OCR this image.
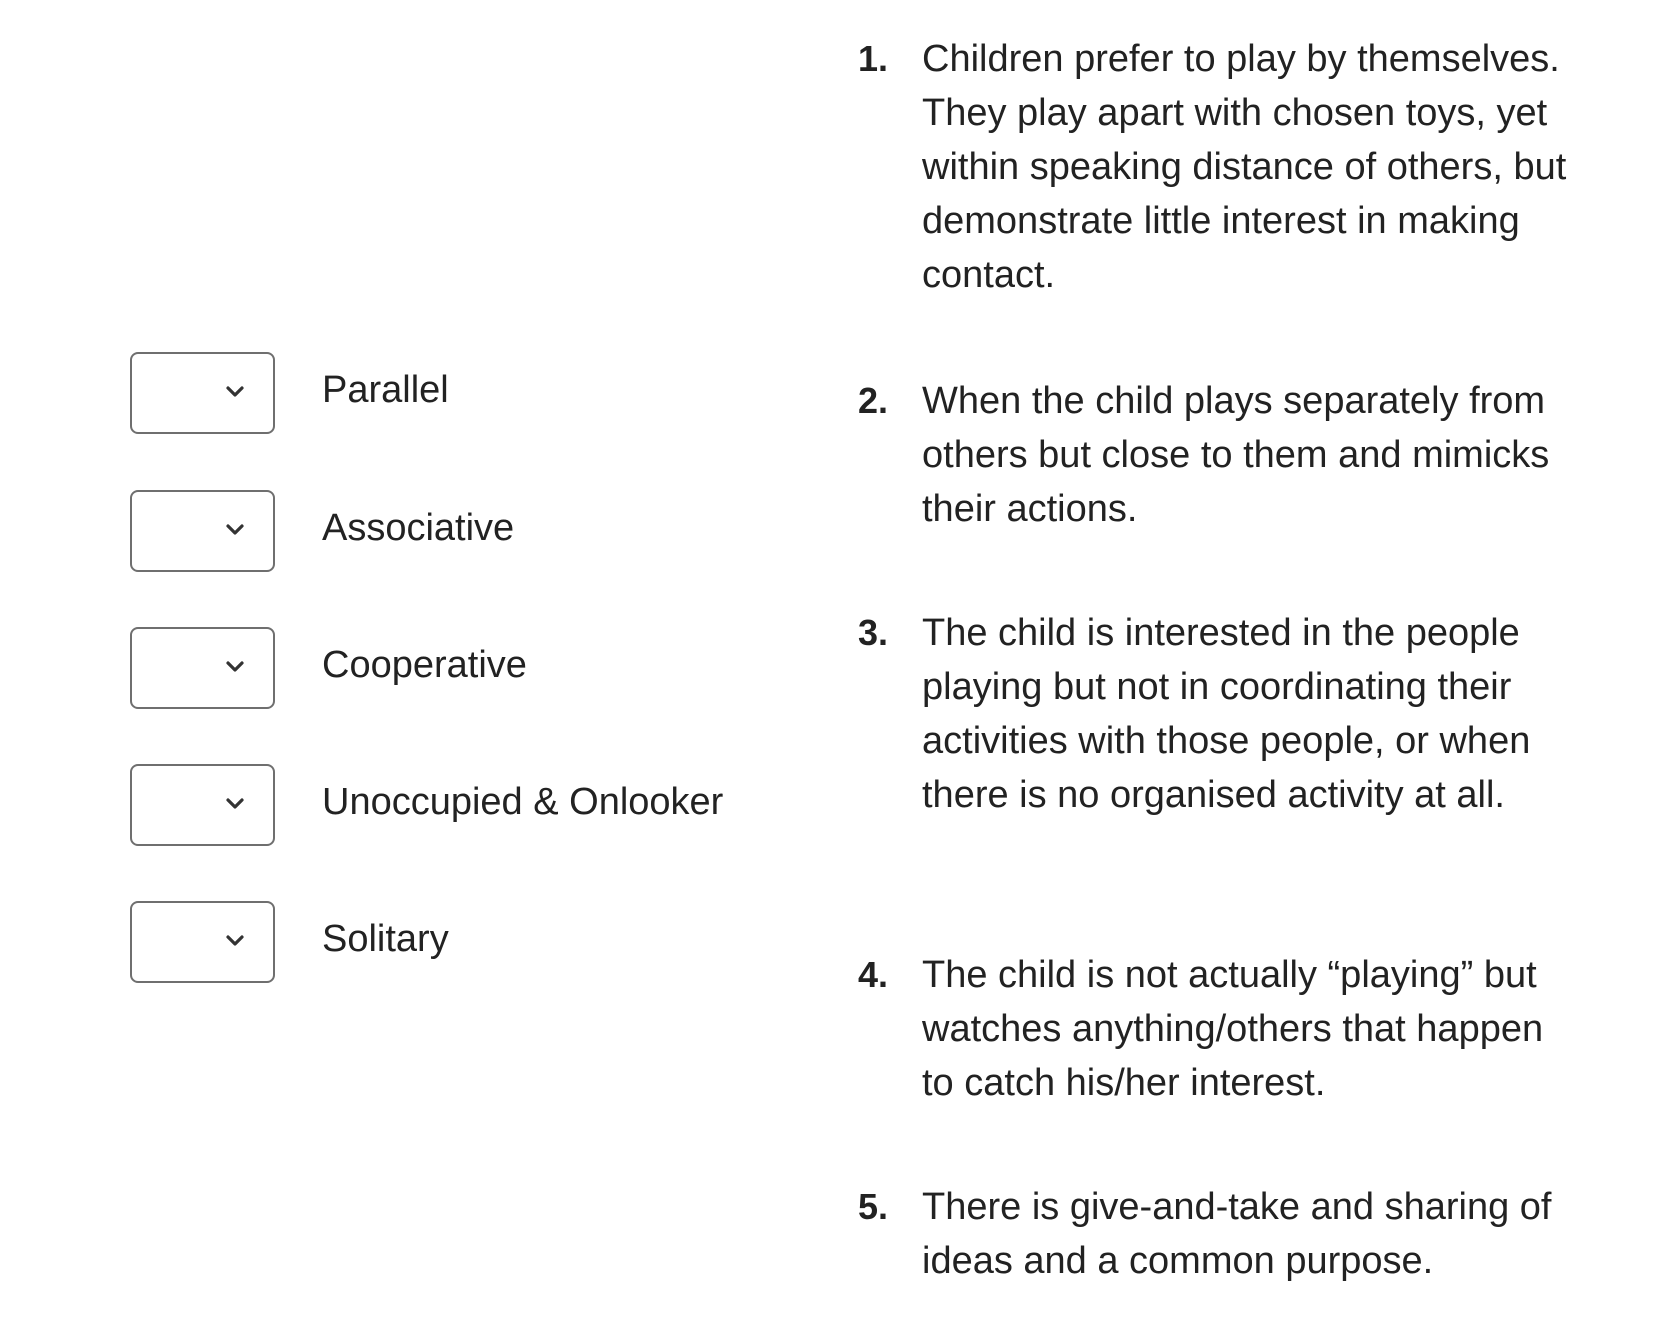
Parallel
Associative
Cooperative
Unoccupied & Onlooker
Solitary
1. Children prefer to play by themselves. They play apart with chosen toys, yet within speaking distance of others, but demonstrate little interest in making contact.
2. When the child plays separately from others but close to them and mimicks their actions.
3. The child is interested in the people playing but not in coordinating their activities with those people, or when there is no organised activity at all.
4. The child is not actually “playing” but watches anything/others that happen to catch his/her interest.
5. There is give-and-take and sharing of ideas and a common purpose.
